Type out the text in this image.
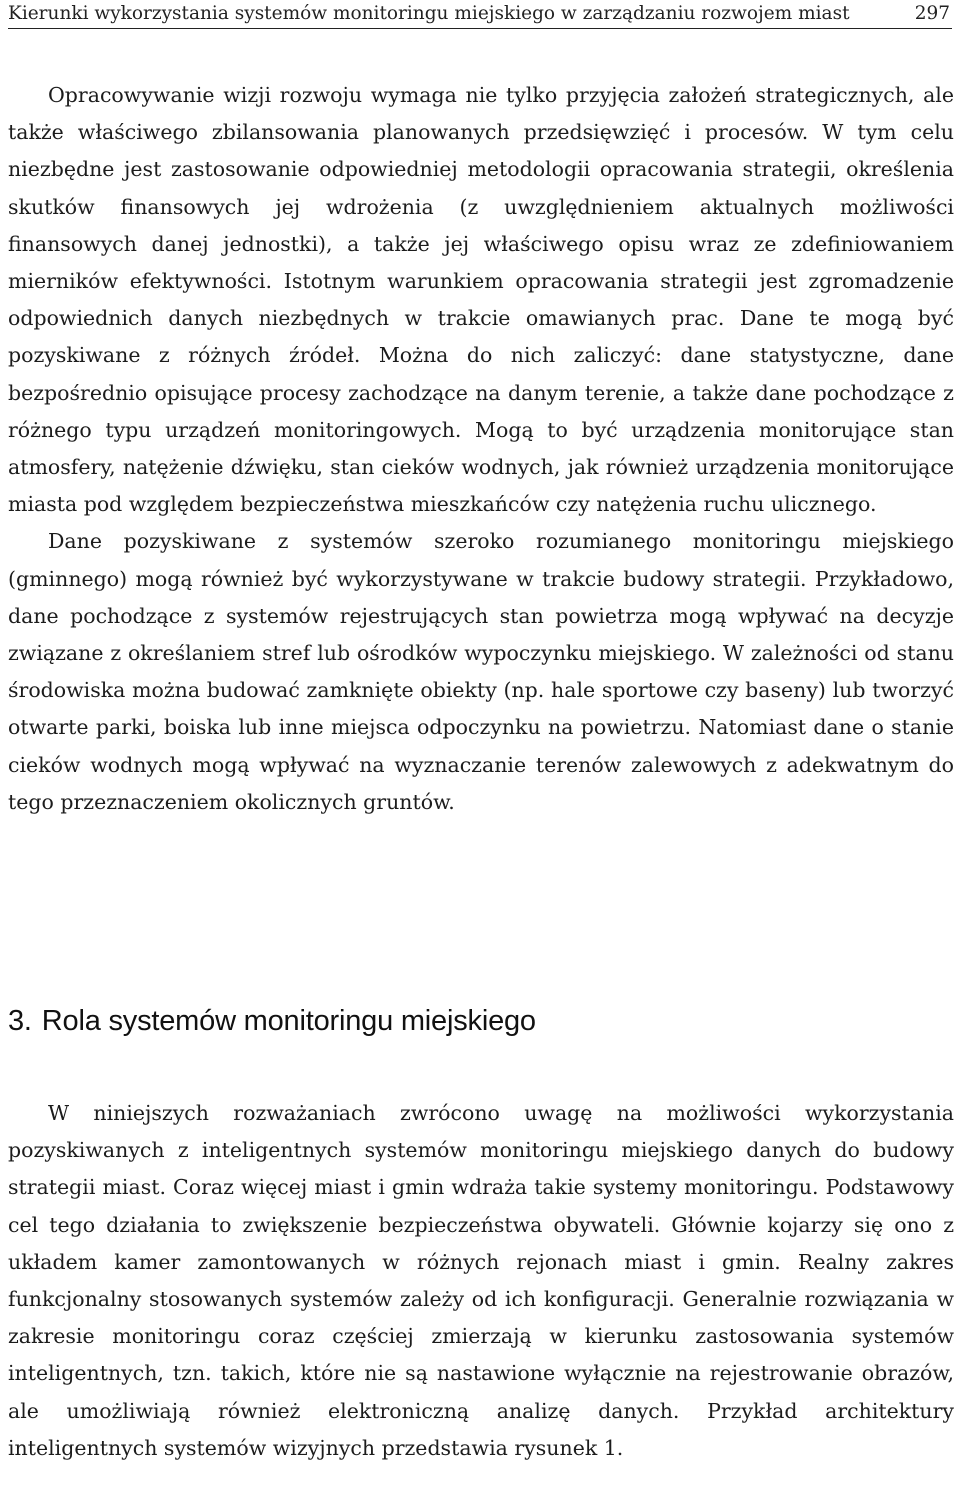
Kierunki wykorzystania systemów monitoringu miejskiego w zarządzaniu rozwojem miast	297

Opracowywanie wizji rozwoju wymaga nie tylko przyjęcia założeń strategicznych, ale także właściwego zbilansowania planowanych przedsięwzięć i procesów. W tym celu niezbędne jest zastosowanie odpowiedniej metodologii opracowania strategii, określenia skutków finansowych jej wdrożenia (z uwzględnieniem aktualnych możliwości finansowych danej jednostki), a także jej właściwego opisu wraz ze zdefiniowaniem mierników efektywności. Istotnym warunkiem opracowania strategii jest zgromadzenie odpowiednich danych niezbędnych w trakcie omawianych prac. Dane te mogą być pozyskiwane z różnych źródeł. Można do nich zaliczyć: dane statystyczne, dane bezpośrednio opisujące procesy zachodzące na danym terenie, a także dane pochodzące z różnego typu urządzeń monitoringowych. Mogą to być urządzenia monitorujące stan atmosfery, natężenie dźwięku, stan cieków wodnych, jak również urządzenia monitorujące miasta pod względem bezpieczeństwa mieszkańców czy natężenia ruchu ulicznego.

Dane pozyskiwane z systemów szeroko rozumianego monitoringu miejskiego (gminnego) mogą również być wykorzystywane w trakcie budowy strategii. Przykładowo, dane pochodzące z systemów rejestrujących stan powietrza mogą wpływać na decyzje związane z określaniem stref lub ośrodków wypoczynku miejskiego. W zależności od stanu środowiska można budować zamknięte obiekty (np. hale sportowe czy baseny) lub tworzyć otwarte parki, boiska lub inne miejsca odpoczynku na powietrzu. Natomiast dane o stanie cieków wodnych mogą wpływać na wyznaczanie terenów zalewowych z adekwatnym do tego przeznaczeniem okolicznych gruntów.

3. Rola systemów monitoringu miejskiego

W niniejszych rozważaniach zwrócono uwagę na możliwości wykorzystania pozyskiwanych z inteligentnych systemów monitoringu miejskiego danych do budowy strategii miast. Coraz więcej miast i gmin wdraża takie systemy monitoringu. Podstawowy cel tego działania to zwiększenie bezpieczeństwa obywateli. Głównie kojarzy się ono z układem kamer zamontowanych w różnych rejonach miast i gmin. Realny zakres funkcjonalny stosowanych systemów zależy od ich konfiguracji. Generalnie rozwiązania w zakresie monitoringu coraz częściej zmierzają w kierunku zastosowania systemów inteligentnych, tzn. takich, które nie są nastawione wyłącznie na rejestrowanie obrazów, ale umożliwiają również elektroniczną analizę danych. Przykład architektury inteligentnych systemów wizyjnych przedstawia rysunek 1.
